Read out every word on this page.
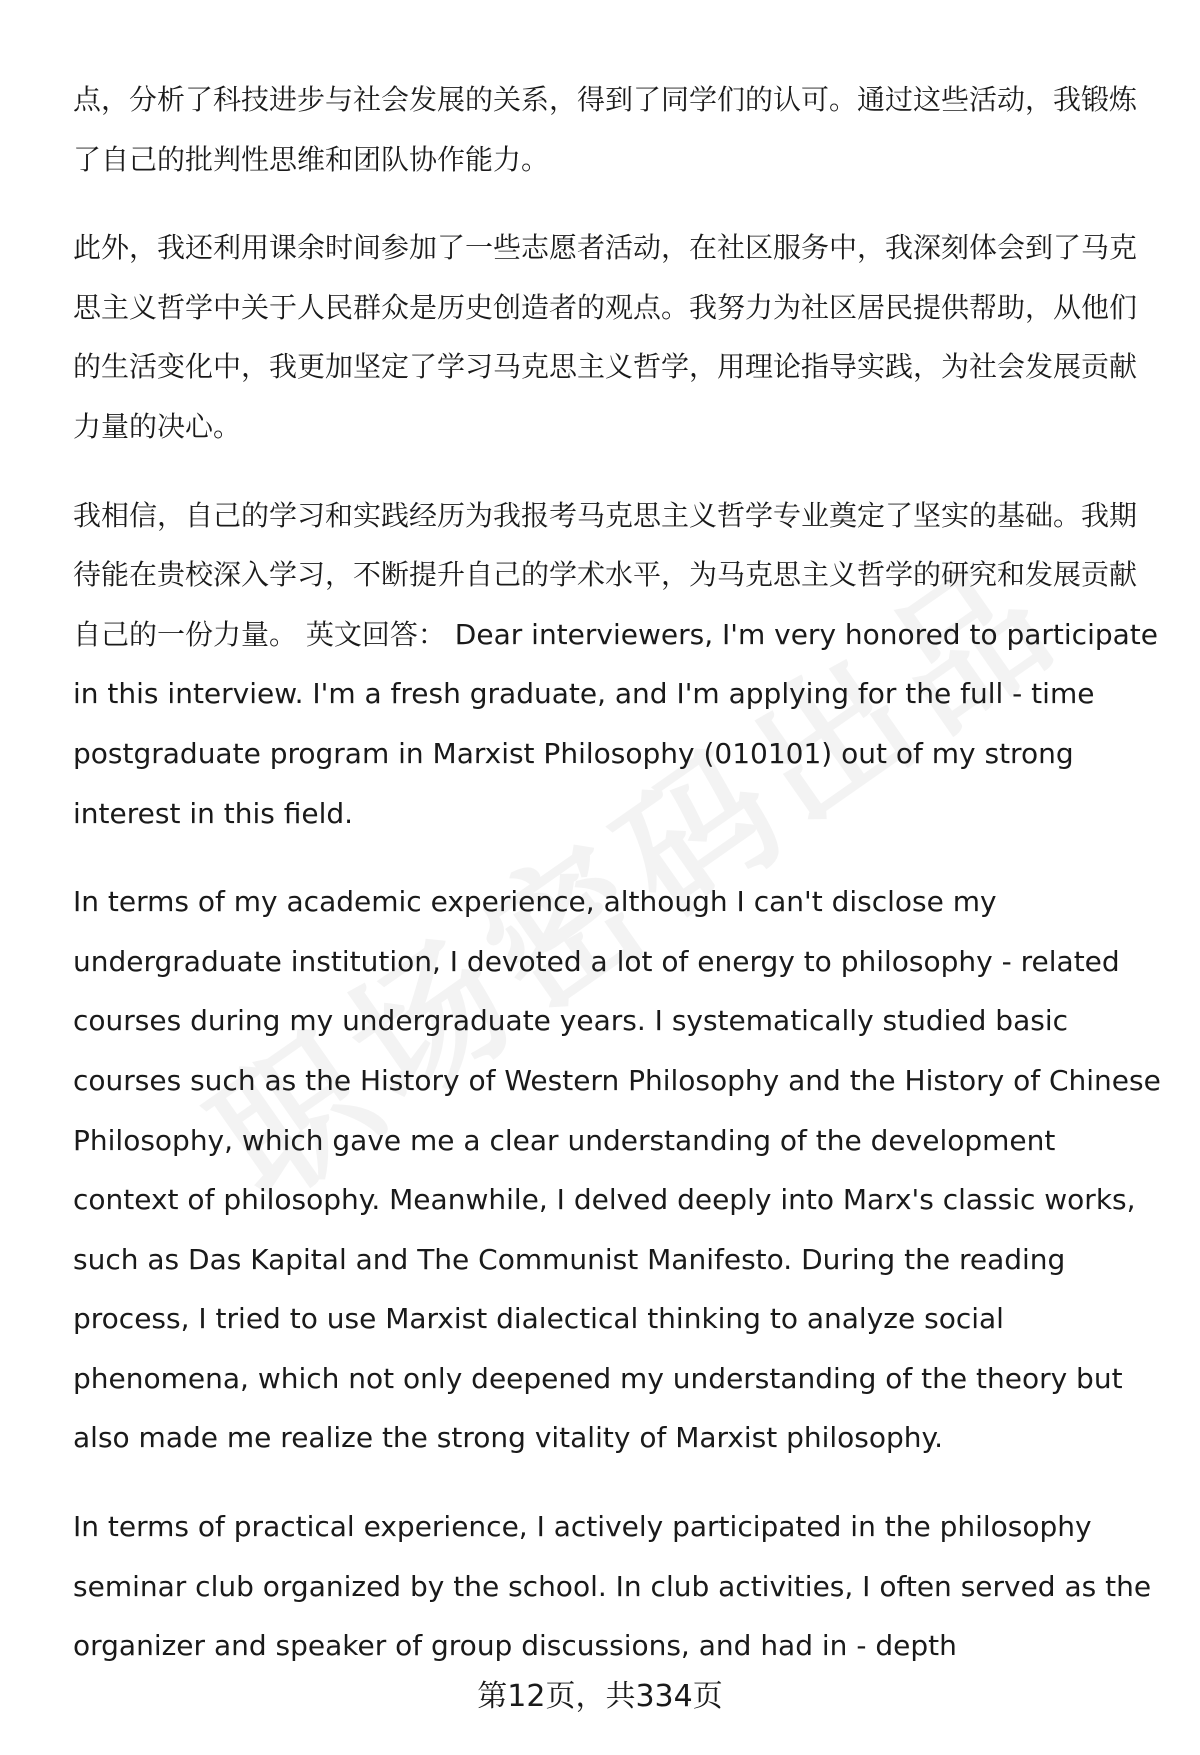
点，分析了科技进步与社会发展的关系，得到了同学们的认可。通过这些活动，我锻炼了自己的批判性思维和团队协作能力。

此外，我还利用课余时间参加了一些志愿者活动，在社区服务中，我深刻体会到了马克思主义哲学中关于人民群众是历史创造者的观点。我努力为社区居民提供帮助，从他们的生活变化中，我更加坚定了学习马克思主义哲学，用理论指导实践，为社会发展贡献力量的决心。

我相信，自己的学习和实践经历为我报考马克思主义哲学专业奠定了坚实的基础。我期待能在贵校深入学习，不断提升自己的学术水平，为马克思主义哲学的研究和发展贡献自己的一份力量。 英文回答： Dear interviewers, I'm very honored to participate in this interview. I'm a fresh graduate, and I'm applying for the full - time postgraduate program in Marxist Philosophy (010101) out of my strong interest in this field.

In terms of my academic experience, although I can't disclose my undergraduate institution, I devoted a lot of energy to philosophy - related courses during my undergraduate years. I systematically studied basic courses such as the History of Western Philosophy and the History of Chinese Philosophy, which gave me a clear understanding of the development context of philosophy. Meanwhile, I delved deeply into Marx's classic works, such as Das Kapital and The Communist Manifesto. During the reading process, I tried to use Marxist dialectical thinking to analyze social phenomena, which not only deepened my understanding of the theory but also made me realize the strong vitality of Marxist philosophy.

In terms of practical experience, I actively participated in the philosophy seminar club organized by the school. In club activities, I often served as the organizer and speaker of group discussions, and had in - depth

第12页，共334页
